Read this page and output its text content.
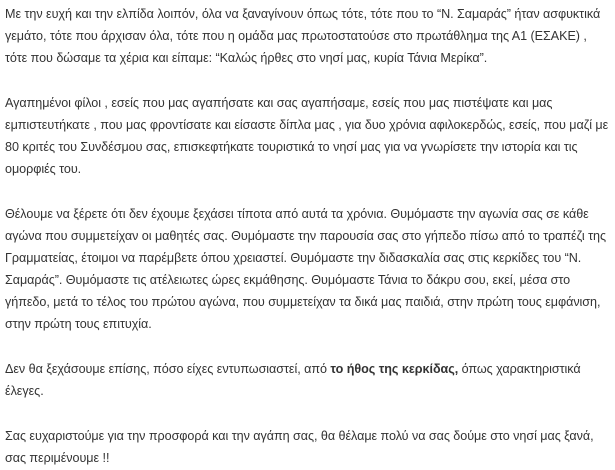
Με την ευχή και την ελπίδα λοιπόν, όλα να ξαναγίνουν όπως τότε, τότε που το “Ν. Σαμαράς” ήταν ασφυκτικά γεμάτο, τότε που άρχισαν όλα, τότε που η ομάδα μας πρωτοστατούσε στο πρωτάθλημα της Α1 (ΕΣΑΚΕ) , τότε που δώσαμε τα χέρια και είπαμε: “Καλώς ήρθες στο νησί μας, κυρία Τάνια Μερίκα”.

Αγαπημένοι φίλοι , εσείς που μας αγαπήσατε και σας αγαπήσαμε, εσείς που μας πιστέψατε και μας εμπιστευτήκατε , που μας φροντίσατε και είσαστε δίπλα μας , για δυο χρόνια αφιλοκερδώς, εσείς, που μαζί με 80 κριτές του Συνδέσμου σας, επισκεφτήκατε τουριστικά το νησί μας για να γνωρίσετε την ιστορία και τις ομορφιές του.

Θέλουμε να ξέρετε ότι δεν έχουμε ξεχάσει τίποτα από αυτά τα χρόνια. Θυμόμαστε την αγωνία σας σε κάθε αγώνα που συμμετείχαν οι μαθητές σας. Θυμόμαστε την παρουσία σας στο γήπεδο πίσω από το τραπέζι της Γραμματείας, έτοιμοι να παρέμβετε όπου χρειαστεί. Θυμόμαστε την διδασκαλία σας στις κερκίδες του “Ν. Σαμαράς”. Θυμόμαστε τις ατέλειωτες ώρες εκμάθησης. Θυμόμαστε Τάνια το δάκρυ σου, εκεί, μέσα στο γήπεδο, μετά το τέλος του πρώτου αγώνα, που συμμετείχαν τα δικά μας παιδιά, στην πρώτη τους εμφάνιση, στην πρώτη τους επιτυχία.

Δεν θα ξεχάσουμε επίσης, πόσο είχες εντυπωσιαστεί, από το ήθος της κερκίδας, όπως χαρακτηριστικά έλεγες.

Σας ευχαριστούμε για την προσφορά και την αγάπη σας, θα θέλαμε πολύ να σας δούμε στο νησί μας ξανά, σας περιμένουμε !!
